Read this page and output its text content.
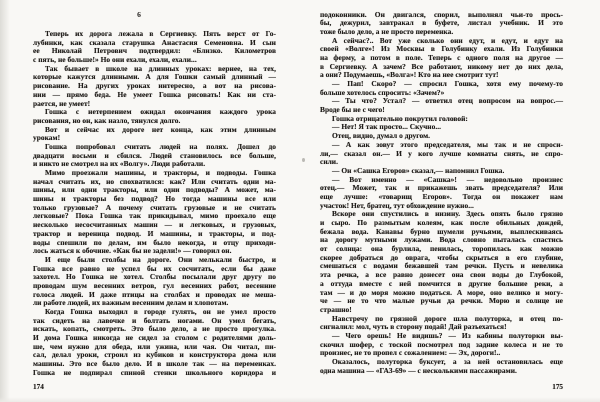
6
Теперь их дорога лежала в Сергиевку. Пять верст от Го-
лубинки, как сказала старушка Анастасия Семеновна. И сын
ее Николай Петрович подтвердил: «Близко. Километров
с пять, не больше!» Но они ехали, ехали, ехали...
Так бывает в школе на длинных уроках: вернее, на тех,
которые кажутся длинными. А для Гошки самый длинный —
рисование. На других уроках интересно, а вот на рисова-
нии — прямо беда. Не умеет Гошка рисовать! Как ни ста-
рается, не умеет!
Гошка с нетерпением ожидал окончания каждого урока
рисования, но он, как назло, тянулся долго.
Вот и сейчас их дороге нет конца, как этим длинным
урокам!
Гошка попробовал считать людей на полях. Дошел до
двадцати восьми и сбился. Людей становилось все больше,
и никто не смотрел на их «Волгу». Люди работали.
Мимо проезжали машины, и тракторы, и подводы. Гошка
начал считать их, но спохватился: как? Или считать одни ма-
шины, или одни тракторы, или одни подводы? А может, ма-
шины и тракторы без подвод? Но тогда машины все или
только грузовые? А почему считать грузовые и не считать
легковые? Пока Гошка так прикидывал, мимо проехало еще
несколько несосчитанных машин — и легковых, и грузовых,
трактор и вереница подвод. И машины, и тракторы, и под-
воды спешили по делам, им было некогда, и отцу приходи-
лось жаться к обочине. «Как бы не задели!» — говорил он.
И еще были столбы на дороге. Они мелькали быстро, и
Гошка все равно не успел бы их сосчитать, если бы даже
захотел. Но Гошка не хотел. Столбы посылали друг другу по
проводам шум весенних ветров, гул весенних работ, весенние
голоса людей. И даже птицы на столбах и проводах не меша-
ли работе людей, их важным весенним делам и хлопотам.
Когда Гошка выходил в городе гулять, он не умел просто
так сидеть на лавочке и болтать ногами. Он умел бегать,
искать, копать, смотреть. Это было дело, а не просто прогулка.
И дома Гошка никогда не сидел за столом с родителями доль-
ше, чем нужно для обеда, или ужина, или чая. Он читал, пи-
сал, делал уроки, строил из кубиков и конструктора дома или
машины. Это все было дело. И в школе так — на переменках.
Гошка не подпирал спиной стенки школьного коридора и
подоконники. Он двигался, спорил, выполнял чьи-то прось-
бы, дежурил, завтракал в буфете, листал учебник. И это
тоже было дело, а не просто переменка.
А сейчас?.. Вот уже сколько они едут, и едут, и едут на
своей «Волге»! Из Москвы в Голубинку ехали. Из Голубинки
на ферму, а потом в поле. Теперь с одного поля на другое —
в Сергиевку. А зачем? Все работают, никому нет до них дела,
а они? Подумаешь, «Волга»! Кто на нее смотрит тут!
— Пап! Скоро? — спросил Гошка, хотя ему почему-то
больше хотелось спросить: «Зачем?»
— Ты что? Устал? — ответил отец вопросом на вопрос.—
Вроде бы не с чего!
Гошка отрицательно покрутил головой:
— Нет! Я так просто... Скучно...
Отец, видно, думал о другом.
— А как зовут этого председателя, мы так и не спроси-
ли,— сказал он.— И у кого лучше комнаты снять, не спро-
сили.
— Он «Сашка Егоров» сказал,— напомнил Гошка.
— Вот именно — «Сашка»! — недовольно произнес
отец.— Может, так и прикажешь звать председателя? Или
еще лучше: «товарищ Егоров». Тогда он покажет нам
участок! Нет, братец, тут обхождение нужно...
Вскоре они спустились в низину. Здесь опять было грязно
и сыро. По размытым колеям, как после обильных дождей,
бежала вода. Канавы бурно шумели ручьями, выплескиваясь
на дорогу мутными лужами. Вода словно пыталась спастись
от солнца: она бурлила, пенилась, торопилась как можно
скорее добраться до оврага, чтобы скрыться в его глубине,
смешаться с водами бежавшей там речки. Пусть и невелика
эта речка, а все равно донесет она свои воды до Глубокой,
а оттуда вместе с ней помчится в другие большие реки, а
там — и до моря можно податься. А море, оно велико и могу-
че — не то что малые ручьи да речки. Морю и солнце не
страшно!
Навстречу по грязной дороге шла полуторка, и отец по-
сигналил: мол, чуть в сторону подай! Дай разъехаться!
— Чего орешь! Не видишь? — Из кабины полуторки вы-
скочил шофер, с тоской посмотрел под задние колеса и не то
произнес, не то пропел с сожалением: — Эх, дороги!..
Оказалось, полуторка буксует, а за ней остановилась еще
одна машина — «ГАЗ-69» — с несколькими пассажирами.
174	175
